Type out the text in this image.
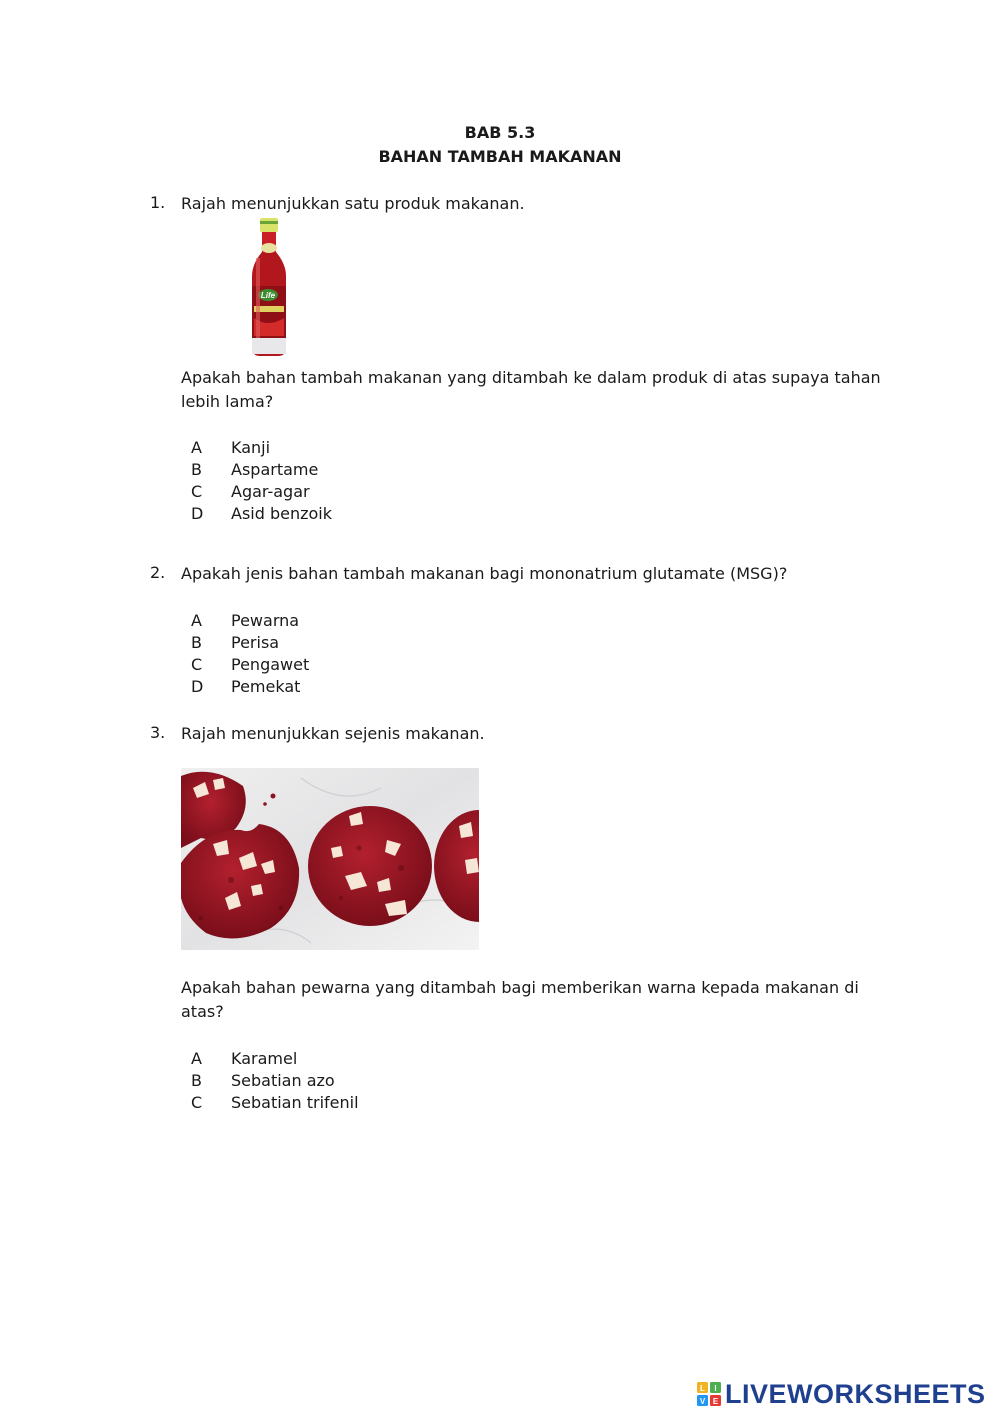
BAB 5.3
BAHAN TAMBAH MAKANAN
1. Rajah menunjukkan satu produk makanan.
Life
Apakah bahan tambah makanan yang ditambah ke dalam produk di atas supaya tahan lebih lama?
A Kanji
B Aspartame
C Agar-agar
D Asid benzoik
2. Apakah jenis bahan tambah makanan bagi mononatrium glutamate (MSG)?
A Pewarna
B Perisa
C Pengawet
D Pemekat
3. Rajah menunjukkan sejenis makanan.
Apakah bahan pewarna yang ditambah bagi memberikan warna kepada makanan di atas?
A Karamel
B Sebatian azo
C Sebatian trifenil
L I
V E LIVEWORKSHEETS
